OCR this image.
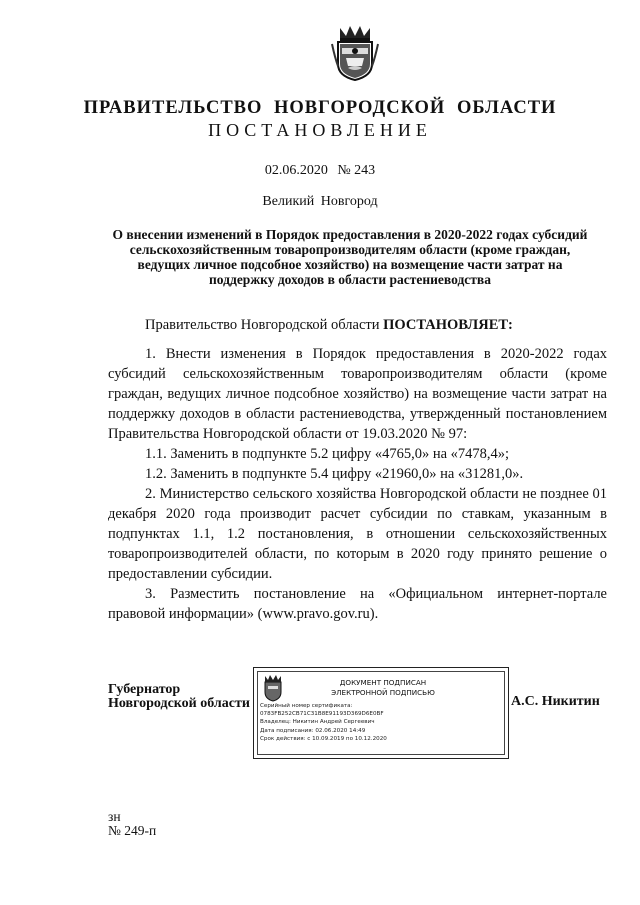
ПРАВИТЕЛЬСТВО НОВГОРОДСКОЙ ОБЛАСТИ
ПОСТАНОВЛЕНИЕ
02.06.2020 № 243
Великий Новгород
О внесении изменений в Порядок предоставления в 2020-2022 годах субсидий сельскохозяйственным товаропроизводителям области (кроме граждан, ведущих личное подсобное хозяйство) на возмещение части затрат на поддержку доходов в области растениеводства
Правительство Новгородской области ПОСТАНОВЛЯЕТ:

1. Внести изменения в Порядок предоставления в 2020-2022 годах субсидий сельскохозяйственным товаропроизводителям области (кроме граждан, ведущих личное подсобное хозяйство) на возмещение части затрат на поддержку доходов в области растениеводства, утвержденный постановлением Правительства Новгородской области от 19.03.2020 № 97:

1.1. Заменить в подпункте 5.2 цифру «4765,0» на «7478,4»;

1.2. Заменить в подпункте 5.4 цифру «21960,0» на «31281,0».

2. Министерство сельского хозяйства Новгородской области не позднее 01 декабря 2020 года производит расчет субсидии по ставкам, указанным в подпунктах 1.1, 1.2 постановления, в отношении сельскохозяйственных товаропроизводителей области, по которым в 2020 году принято решение о предоставлении субсидии.

3. Разместить постановление на «Официальном интернет-портале правовой информации» (www.pravo.gov.ru).

Губернатор
Новгородской области
ДОКУМЕНТ ПОДПИСАН
ЭЛЕКТРОННОЙ ПОДПИСЬЮ
Серийный номер сертификата:
0783FB252CB71C31B8E91193D369D6E0BF
Владелец: Никитин Андрей Сергеевич
Дата подписания: 02.06.2020 14:49
Срок действия: с 10.09.2019 по 10.12.2020
А.С. Никитин
зн
№ 249-п
